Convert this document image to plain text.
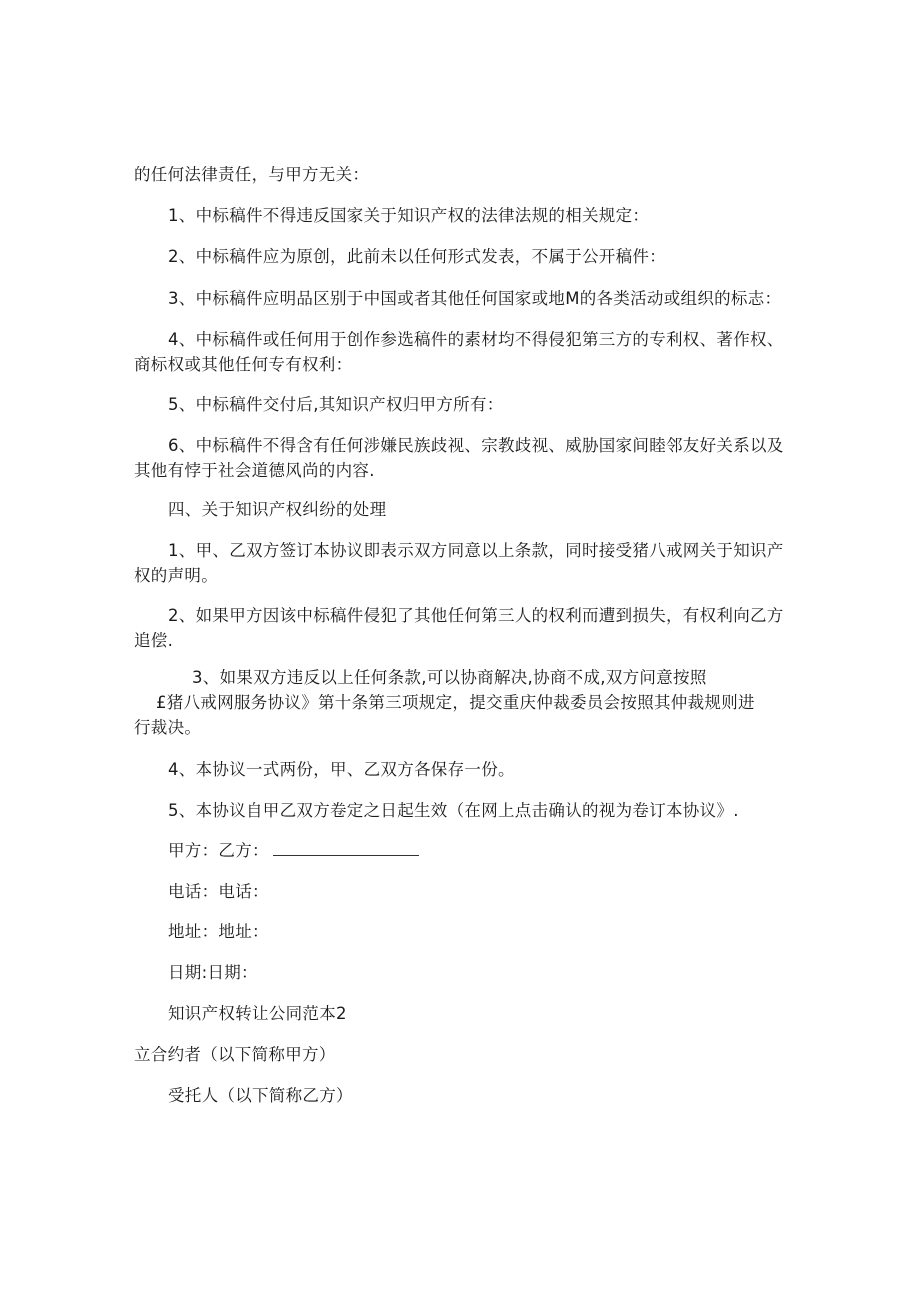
的任何法律责任，与甲方无关：
1、中标稿件不得违反国家关于知识产权的法律法规的相关规定：
2、中标稿件应为原创，此前未以任何形式发表，不属于公开稿件：
3、中标稿件应明品区别于中国或者其他任何国家或地M的各类活动或组织的标志：
4、中标稿件或任何用于创作参选稿件的素材均不得侵犯第三方的专利权、著作权、
商标权或其他任何专有权利：
5、中标稿件交付后,其知识产权归甲方所有：
6、中标稿件不得含有任何涉嫌民族歧视、宗教歧视、威胁国家间睦邻友好关系以及
其他有悖于社会道德风尚的内容.
四、关于知识产权纠纷的处理
1、甲、乙双方签订本协议即表示双方同意以上条款，同时接受猪八戒网关于知识产
权的声明。
2、如果甲方因该中标稿件侵犯了其他任何第三人的权利而遭到损失，有权利向乙方
追偿.
3、如果双方违反以上任何条款,可以协商解决,协商不成,双方问意按照
£猪八戒网服务协议》第十条第三项规定，提交重庆仲裁委员会按照其仲裁规则进
行裁决。
4、本协议一式两份，甲、乙双方各保存一份。
5、本协议自甲乙双方卷定之日起生效（在网上点击确认的视为卷订本协议》.
甲方：乙方：
电话：电话：
地址：地址：
日期:日期：
知识产权转让公同范本2
立合约者（以下简称甲方）
受托人（以下简称乙方）
